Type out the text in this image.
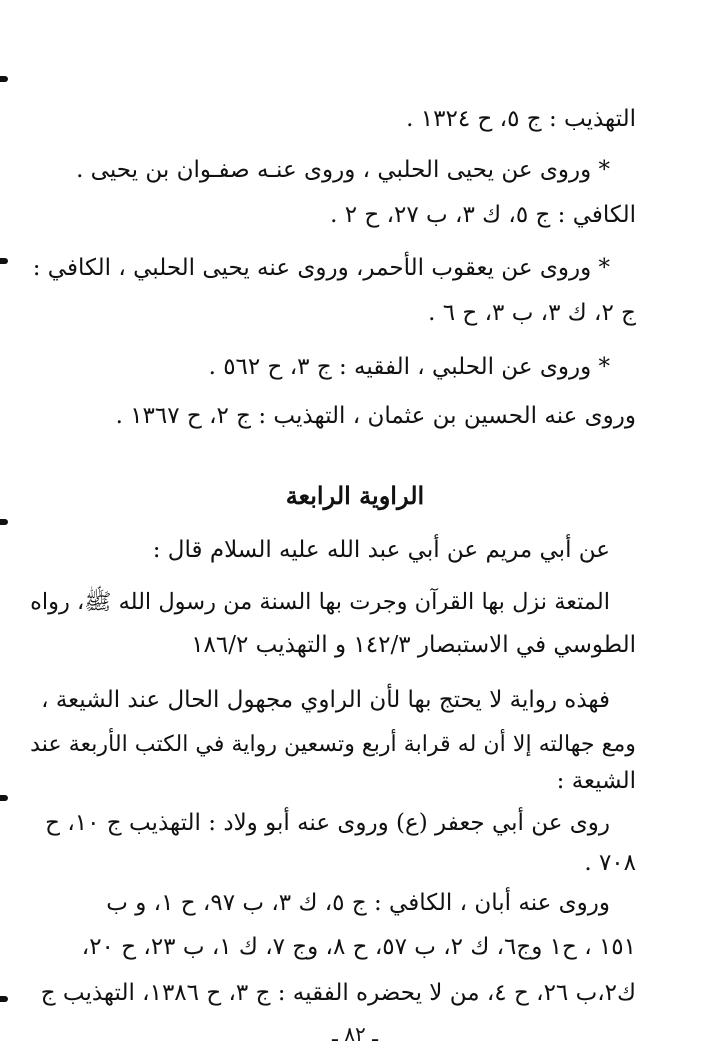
التهذيب : ج ٥، ح ١٣٢٤ .
* وروى عن يحيى الحلبي ، وروى عنـه صفـوان بن يحيى .
الكافي : ج ٥، ك ٣، ب ٢٧، ح ٢ .
* وروى عن يعقوب الأحمر، وروى عنه يحيى الحلبي ، الكافي :
ج ٢، ك ٣، ب ٣، ح ٦ .
* وروى عن الحلبي ، الفقيه : ج ٣، ح ٥٦٢ .
وروى عنه الحسين بن عثمان ، التهذيب : ج ٢، ح ١٣٦٧ .
الراوية الرابعة
عن أبي مريم عن أبي عبد الله عليه السلام قال :
المتعة نزل بها القرآن وجرت بها السنة من رسول الله ﷺ، رواه
الطوسي في الاستبصار ١٤٢/٣ و التهذيب ١٨٦/٢
فهذه رواية لا يحتج بها لأن الراوي مجهول الحال عند الشيعة ،
ومع جهالته إلا أن له قرابة أربع وتسعين رواية في الكتب الأربعة عند
الشيعة :
روى عن أبي جعفر (ع) وروى عنه أبو ولاد : التهذيب ج ١٠، ح
٧٠٨ .
وروى عنه أبان ، الكافي : ج ٥، ك ٣، ب ٩٧، ح ١، و ب
١٥١ ، ح١ وج٦، ك ٢، ب ٥٧، ح ٨، وج ٧، ك ١، ب ٢٣، ح ٢٠،
ك٢،ب ٢٦، ح ٤، من لا يحضره الفقيه : ج ٣، ح ١٣٨٦، التهذيب ج
ـ ٨٢ ـ
